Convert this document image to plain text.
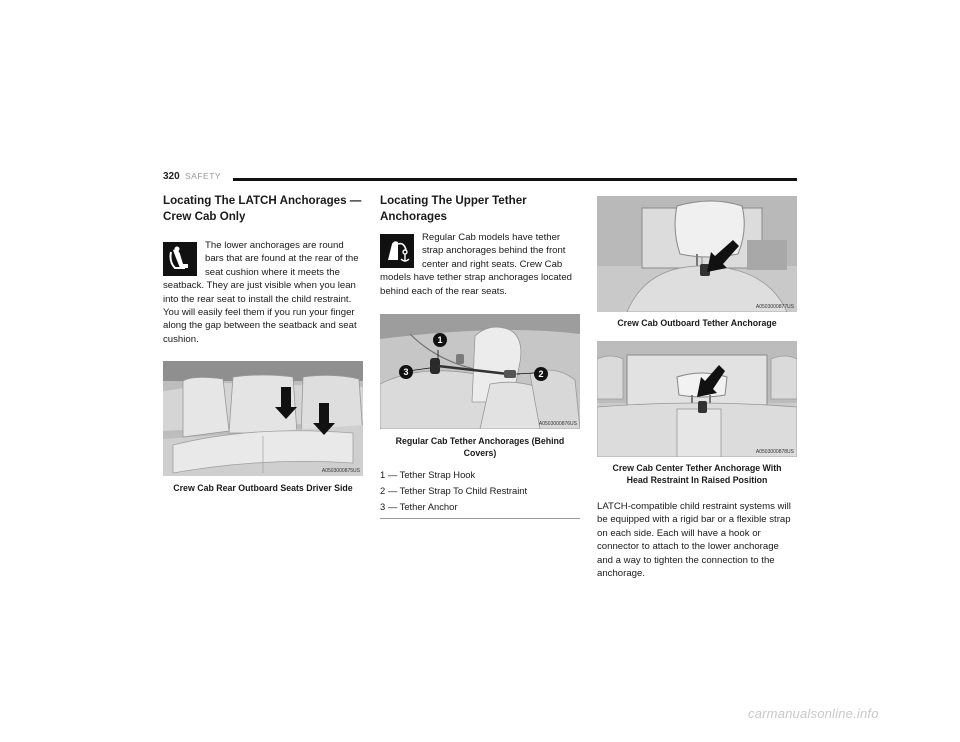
320 SAFETY
Locating The LATCH Anchorages — Crew Cab Only

The lower anchorages are round bars that are found at the rear of the seat cushion where it meets the seatback. They are just visible when you lean into the rear seat to install the child restraint. You will easily feel them if you run your finger along the gap between the seatback and seat cushion.

A0503000875US
Crew Cab Rear Outboard Seats Driver Side
Locating The Upper Tether Anchorages

Regular Cab models have tether strap anchorages behind the front center and right seats. Crew Cab models have tether strap anchorages located behind each of the rear seats.

1
2
3
A0503000876US
Regular Cab Tether Anchorages (Behind Covers)
1 — Tether Strap Hook
2 — Tether Strap To Child Restraint
3 — Tether Anchor
A0503000877US
Crew Cab Outboard Tether Anchorage
A0503000878US
Crew Cab Center Tether Anchorage With Head Restraint In Raised Position

LATCH-compatible child restraint systems will be equipped with a rigid bar or a flexible strap on each side. Each will have a hook or connector to attach to the lower anchorage and a way to tighten the connection to the anchorage.

carmanualsonline.info
